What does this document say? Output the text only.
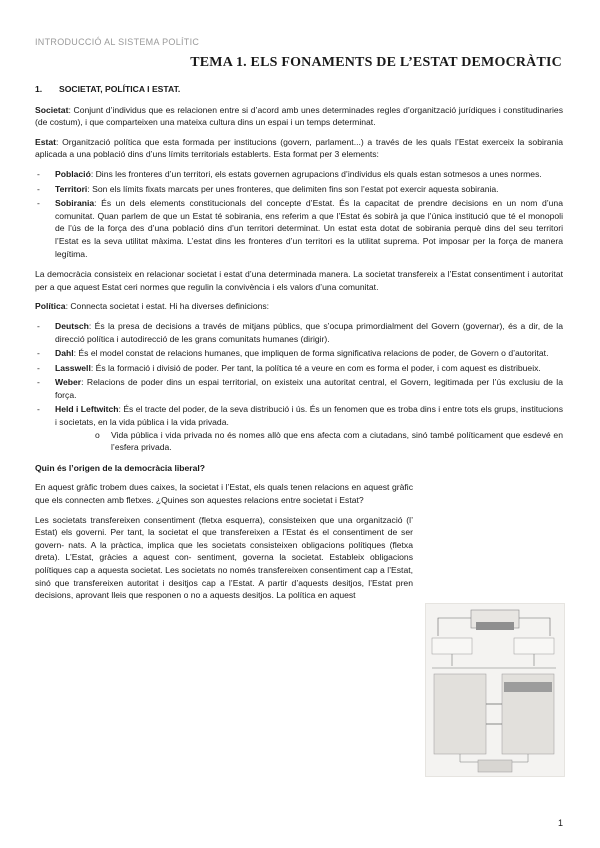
INTRODUCCIÓ AL SISTEMA POLÍTIC
TEMA 1. ELS FONAMENTS DE L’ESTAT DEMOCRÀTIC
1. SOCIETAT, POLÍTICA I ESTAT.

Societat: Conjunt d’individus que es relacionen entre si d’acord amb unes determinades regles d’organització jurídiques i constitudinaries (de costum), i que comparteixen una mateixa cultura dins un espai i un temps determinat.

Estat: Organització política que esta formada per institucions (govern, parlament...) a través de les quals l’Estat exerceix la sobirania aplicada a una població dins d’uns límits territorials establerts. Esta format per 3 elements:

- Població: Dins les fronteres d’un territori, els estats governen agrupacions d’individus els quals estan sotmesos a unes normes.
- Territori: Son els límits fixats marcats per unes fronteres, que delimiten fins son l’estat pot exercir aquesta sobirania.
- Sobirania: És un dels elements constitucionals del concepte d’Estat. És la capacitat de prendre decisions en un nom d’una comunitat. Quan parlem de que un Estat té sobirania, ens referim a que l’Estat és sobirà ja que l’única institució que té el monopoli de l’ús de la força des d’una població dins d’un territori determinat. Un estat esta dotat de sobirania perquè dins del seu territori l’Estat es la seva utilitat màxima. L’estat dins les fronteres d’un territori es la utilitat suprema. Pot imposar per la força de manera legítima.

La democràcia consisteix en relacionar societat i estat d’una determinada manera. La societat transfereix a l’Estat consentiment i autoritat per a que aquest Estat ceri normes que regulin la convivència i els valors d’una comunitat.

Política: Connecta societat i estat. Hi ha diverses definicions:

- Deutsch: És la presa de decisions a través de mitjans públics, que s’ocupa primordialment del Govern (governar), és a dir, de la direcció política i autodirecció de les grans comunitats humanes (dirigir).
- Dahl: És el model constat de relacions humanes, que impliquen de forma significativa relacions de poder, de Govern o d’autoritat.
- Lasswell: És la formació i divisió de poder. Per tant, la política té a veure en com es forma el poder, i com aquest es distribueix.
- Weber: Relacions de poder dins un espai territorial, on existeix una autoritat central, el Govern, legitimada per l’ús exclusiu de la força.
- Held i Leftwitch: És el tracte del poder, de la seva distribució i ús. És un fenomen que es troba dins i entre tots els grups, institucions i societats, en la vida pública i la vida privada.
o Vida pública i vida privada no és nomes allò que ens afecta com a ciutadans, sinó també políticament que esdevé en l’esfera privada.
Quin és l’origen de la democràcia liberal?

En aquest gràfic trobem dues caixes, la societat i l’Estat, els quals tenen relacions en aquest gràfic que els connecten amb fletxes. ¿Quines son aquestes relacions entre societat i Estat?

Les societats transfereixen consentiment (fletxa esquerra), consisteixen que una organització (l’ Estat) els governi. Per tant, la societat el que transfereixen a l’Estat és el consentiment de ser govern- nats. A la pràctica, implica que les societats consisteixen obligacions polítiques (fletxa dreta). L’Estat, gràcies a aquest con- sentiment, governa la societat. Estableix obligacions polítiques cap a aquesta societat. Les societats no només transfereixen consentiment cap a l’Estat, sinó que transfereixen autoritat i desitjos cap a l’Estat. A partir d’aquests desitjos, l’Estat pren decisions, aprovant lleis que responen o no a aquests desitjos. La política en aquest

1
